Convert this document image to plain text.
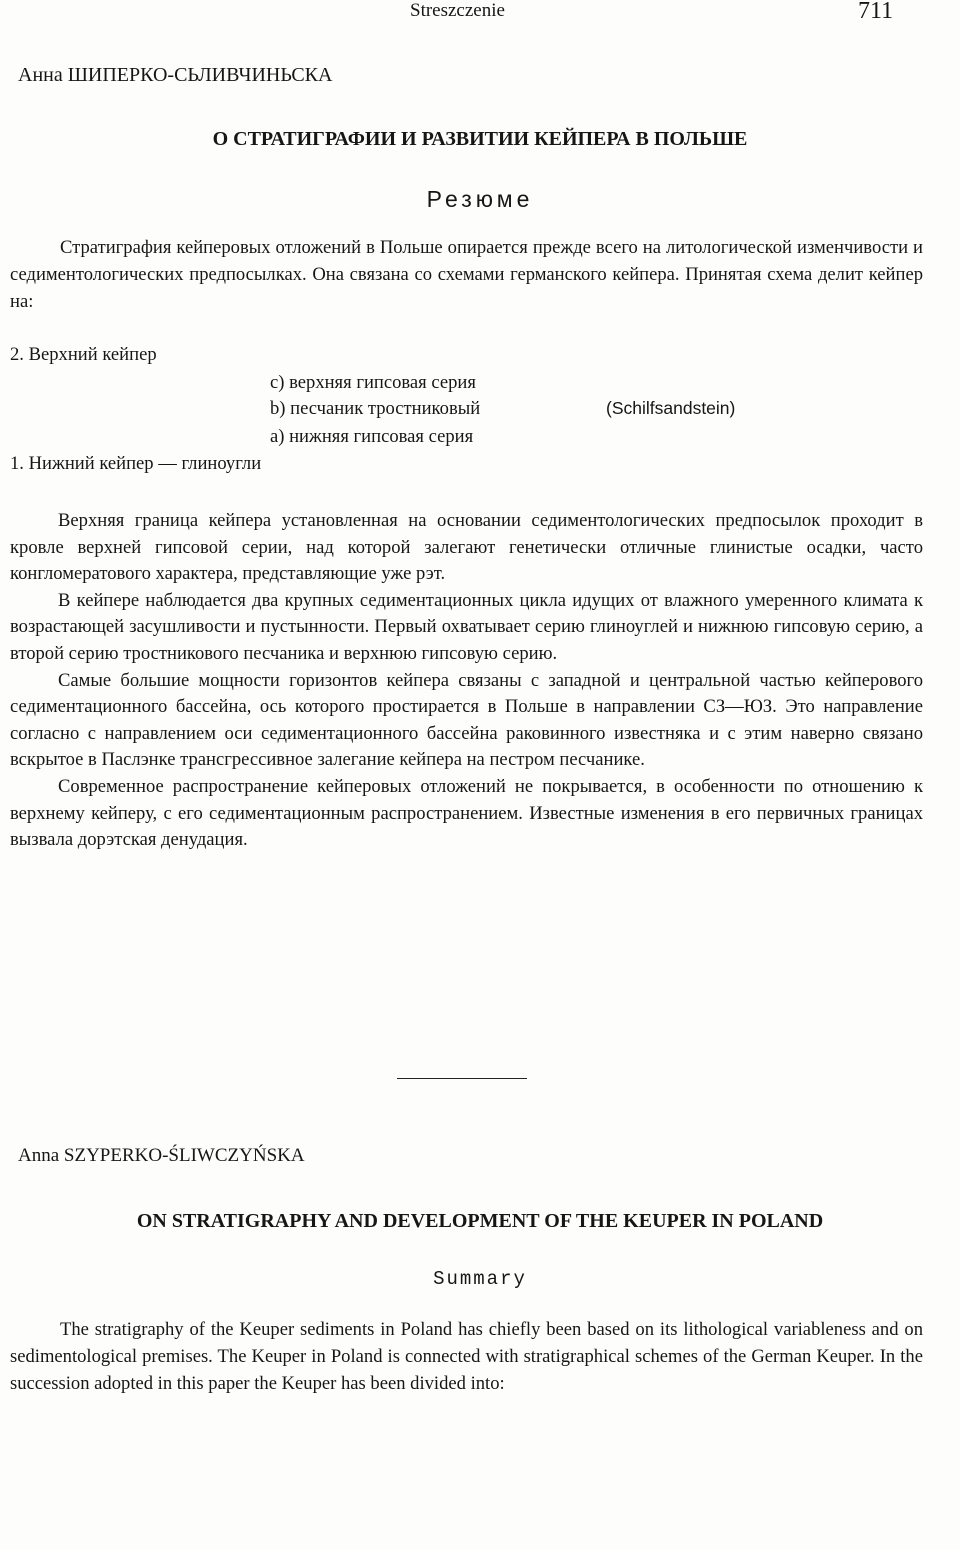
Streszczenie	711
Анна ШИПЕРКО-СЬЛИВЧИНЬСКА
О СТРАТИГРАФИИ И РАЗВИТИИ КЕЙПЕРА В ПОЛЬШЕ
Резюме

Стратиграфия кейперовых отложений в Польше опирается прежде всего на литологической изменчивости и седиментологических предпосылках. Она связана со схемами германского кейпера. Принятая схема делит кейпер на:

2. Верхний кейпер
c) верхняя гипсовая серия
b) песчаник тростниковый	(Schilfsandstein)
a) нижняя гипсовая серия
1. Нижний кейпер — глиноугли

Верхняя граница кейпера установленная на основании седиментологических предпосылок проходит в кровле верхней гипсовой серии, над которой залегают генетически отличные глинистые осадки, часто конгломератового характера, представляющие уже рэт.

В кейпере наблюдается два крупных седиментационных цикла идущих от влажного умеренного климата к возрастающей засушливости и пустынности. Первый охватывает серию глиноуглей и нижнюю гипсовую серию, а второй серию тростникового песчаника и верхнюю гипсовую серию.

Самые большие мощности горизонтов кейпера связаны с западной и центральной частью кейперового седиментационного бассейна, ось которого простирается в Польше в направлении СЗ—ЮЗ. Это направление согласно с направлением оси седиментационного бассейна раковинного известняка и с этим наверно связано вскрытое в Паслэнке трансгрессивное залегание кейпера на пестром песчанике.

Современное распространение кейперовых отложений не покрывается, в особенности по отношению к верхнему кейперу, с его седиментационным распространением. Известные изменения в его первичных границах вызвала дорэтская денудация.

Anna SZYPERKO-ŚLIWCZYŃSKA
ON STRATIGRAPHY AND DEVELOPMENT OF THE KEUPER IN POLAND
Summary

The stratigraphy of the Keuper sediments in Poland has chiefly been based on its lithological variableness and on sedimentological premises. The Keuper in Poland is connected with stratigraphical schemes of the German Keuper. In the succession adopted in this paper the Keuper has been divided into:
